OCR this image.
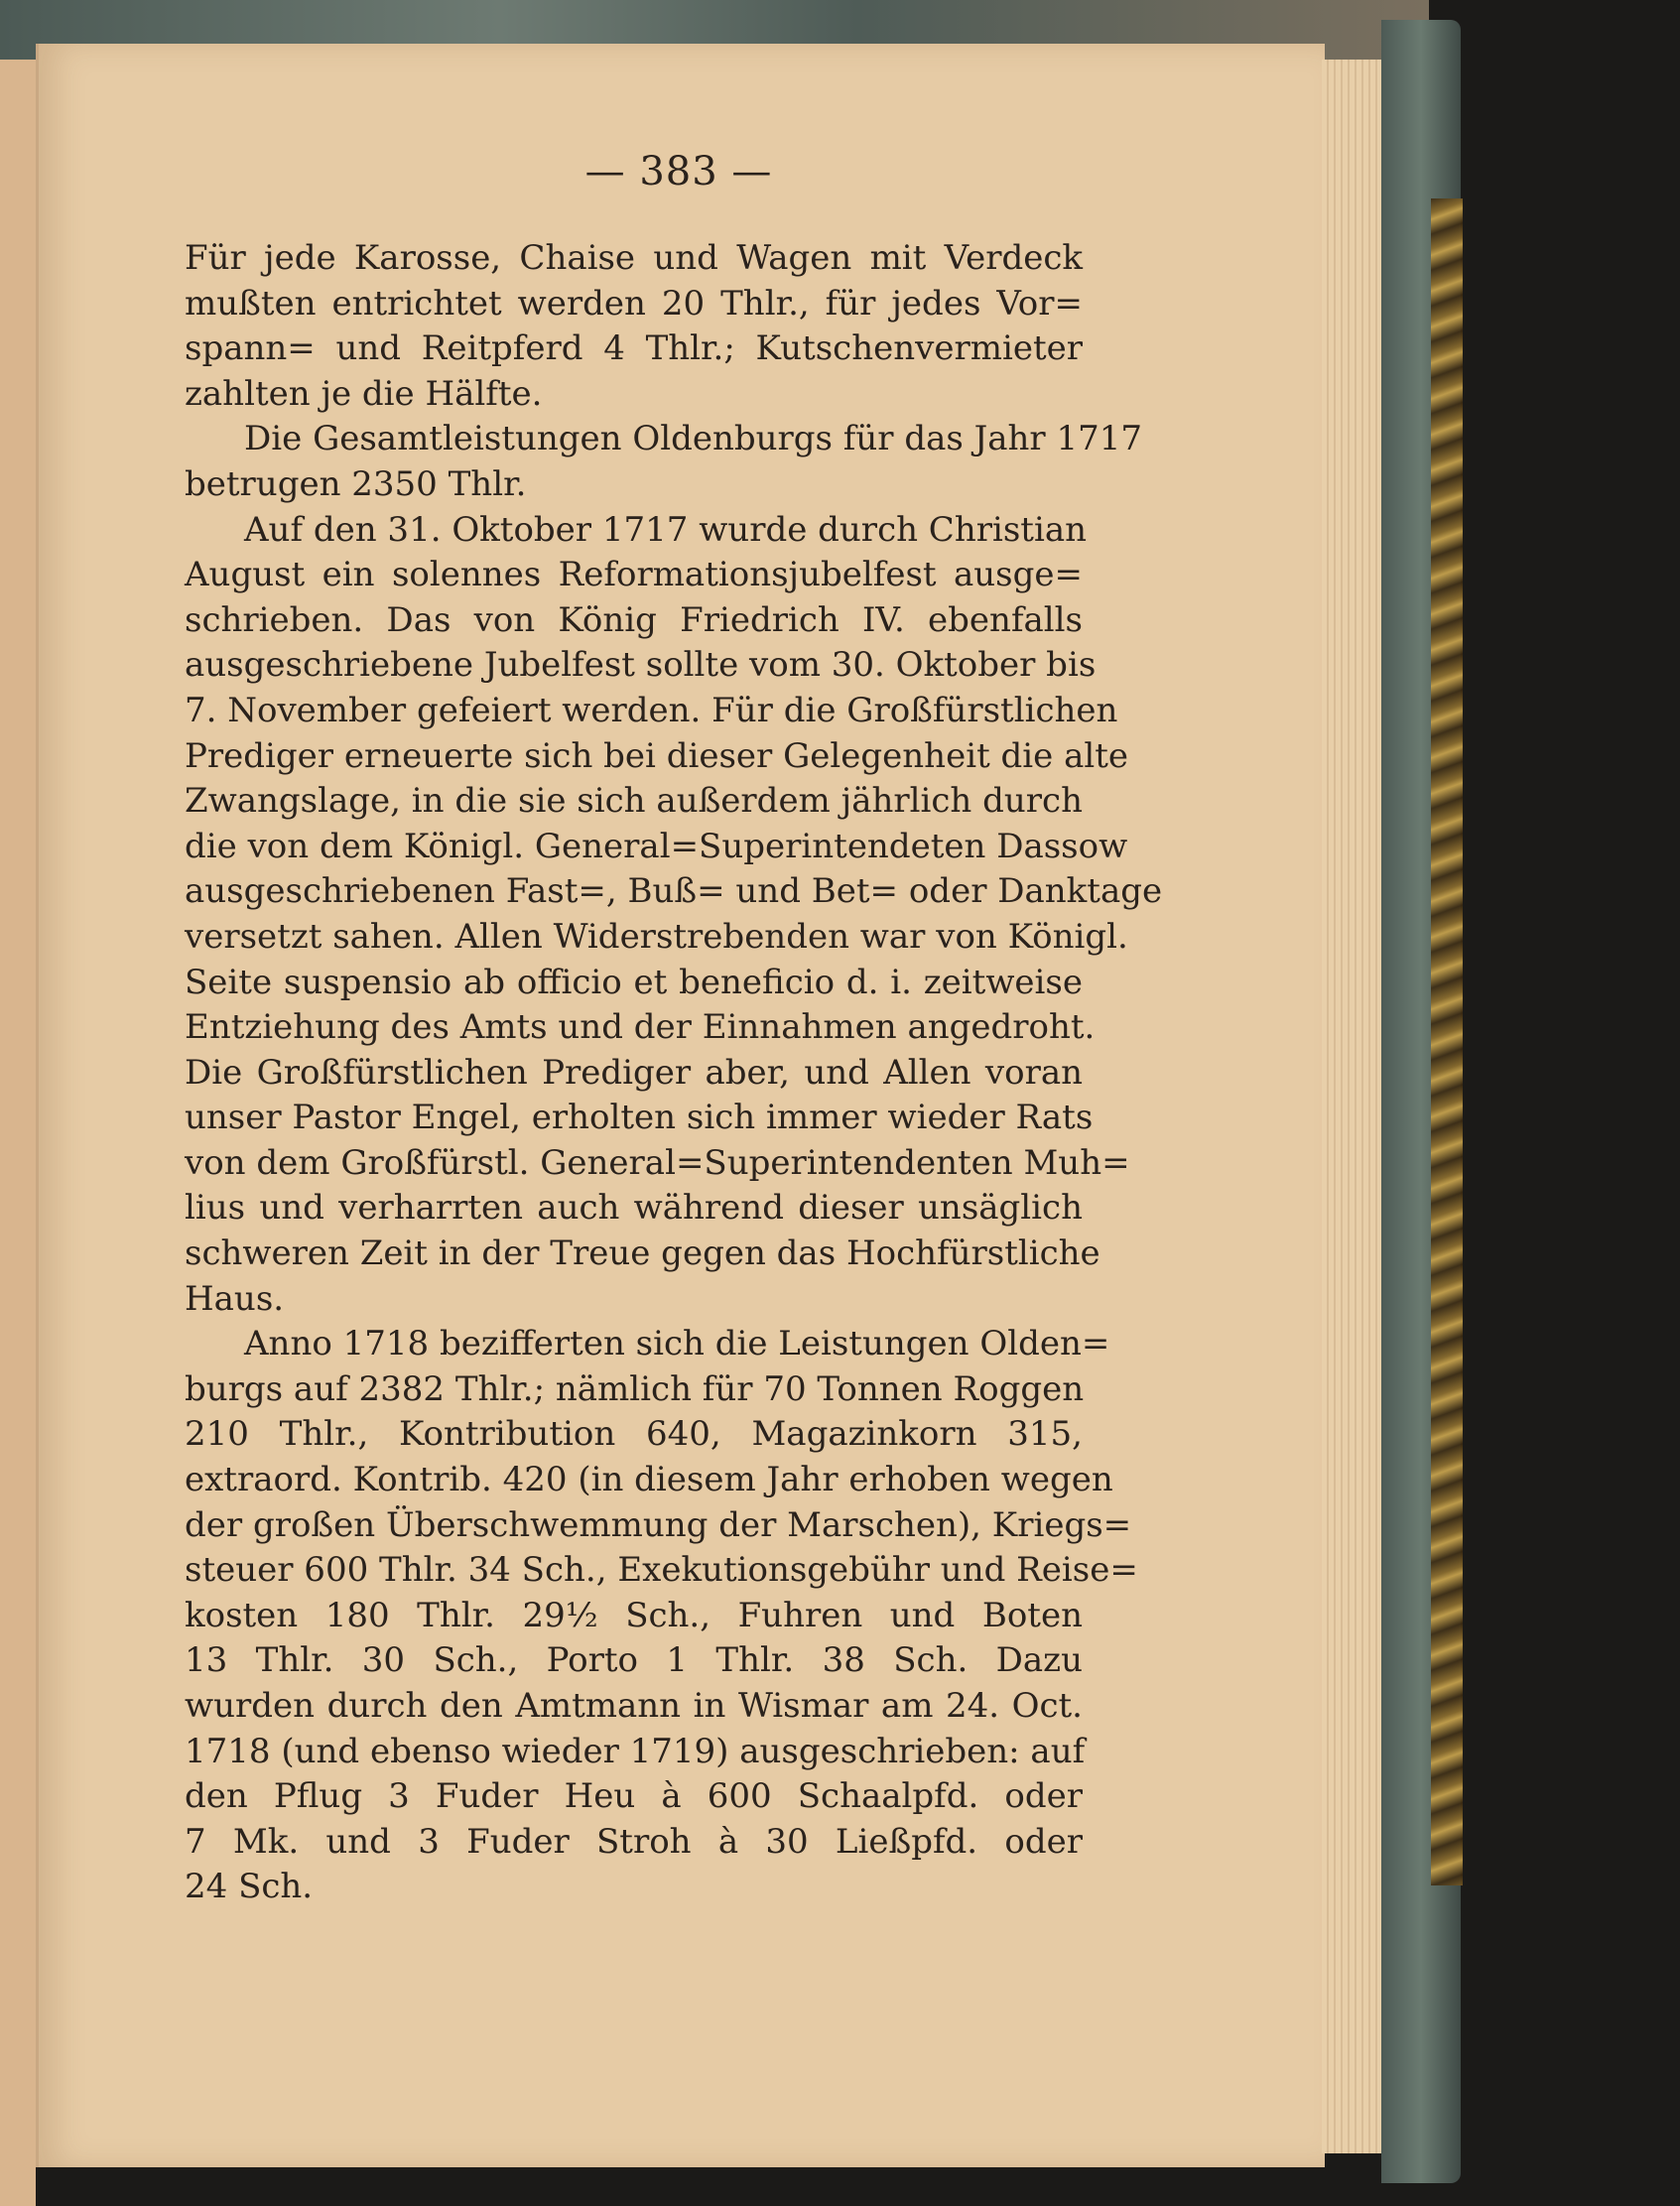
— 383 —
Für jede Karosse, Chaise und Wagen mit Verdeck
mußten entrichtet werden 20 Thlr., für jedes Vor=
spann= und Reitpferd 4 Thlr.; Kutschenvermieter
zahlten je die Hälfte.
Die Gesamtleistungen Oldenburgs für das Jahr 1717
betrugen 2350 Thlr.
Auf den 31. Oktober 1717 wurde durch Christian
August ein solennes Reformationsjubelfest ausge=
schrieben. Das von König Friedrich IV. ebenfalls
ausgeschriebene Jubelfest sollte vom 30. Oktober bis
7. November gefeiert werden. Für die Großfürstlichen
Prediger erneuerte sich bei dieser Gelegenheit die alte
Zwangslage, in die sie sich außerdem jährlich durch
die von dem Königl. General=Superintendeten Dassow
ausgeschriebenen Fast=, Buß= und Bet= oder Danktage
versetzt sahen. Allen Widerstrebenden war von Königl.
Seite suspensio ab officio et beneficio d. i. zeitweise
Entziehung des Amts und der Einnahmen angedroht.
Die Großfürstlichen Prediger aber, und Allen voran
unser Pastor Engel, erholten sich immer wieder Rats
von dem Großfürstl. General=Superintendenten Muh=
lius und verharrten auch während dieser unsäglich
schweren Zeit in der Treue gegen das Hochfürstliche
Haus.
Anno 1718 bezifferten sich die Leistungen Olden=
burgs auf 2382 Thlr.; nämlich für 70 Tonnen Roggen
210 Thlr., Kontribution 640, Magazinkorn 315,
extraord. Kontrib. 420 (in diesem Jahr erhoben wegen
der großen Überschwemmung der Marschen), Kriegs=
steuer 600 Thlr. 34 Sch., Exekutionsgebühr und Reise=
kosten 180 Thlr. 29½ Sch., Fuhren und Boten
13 Thlr. 30 Sch., Porto 1 Thlr. 38 Sch. Dazu
wurden durch den Amtmann in Wismar am 24. Oct.
1718 (und ebenso wieder 1719) ausgeschrieben: auf
den Pflug 3 Fuder Heu à 600 Schaalpfd. oder
7 Mk. und 3 Fuder Stroh à 30 Ließpfd. oder
24 Sch.
